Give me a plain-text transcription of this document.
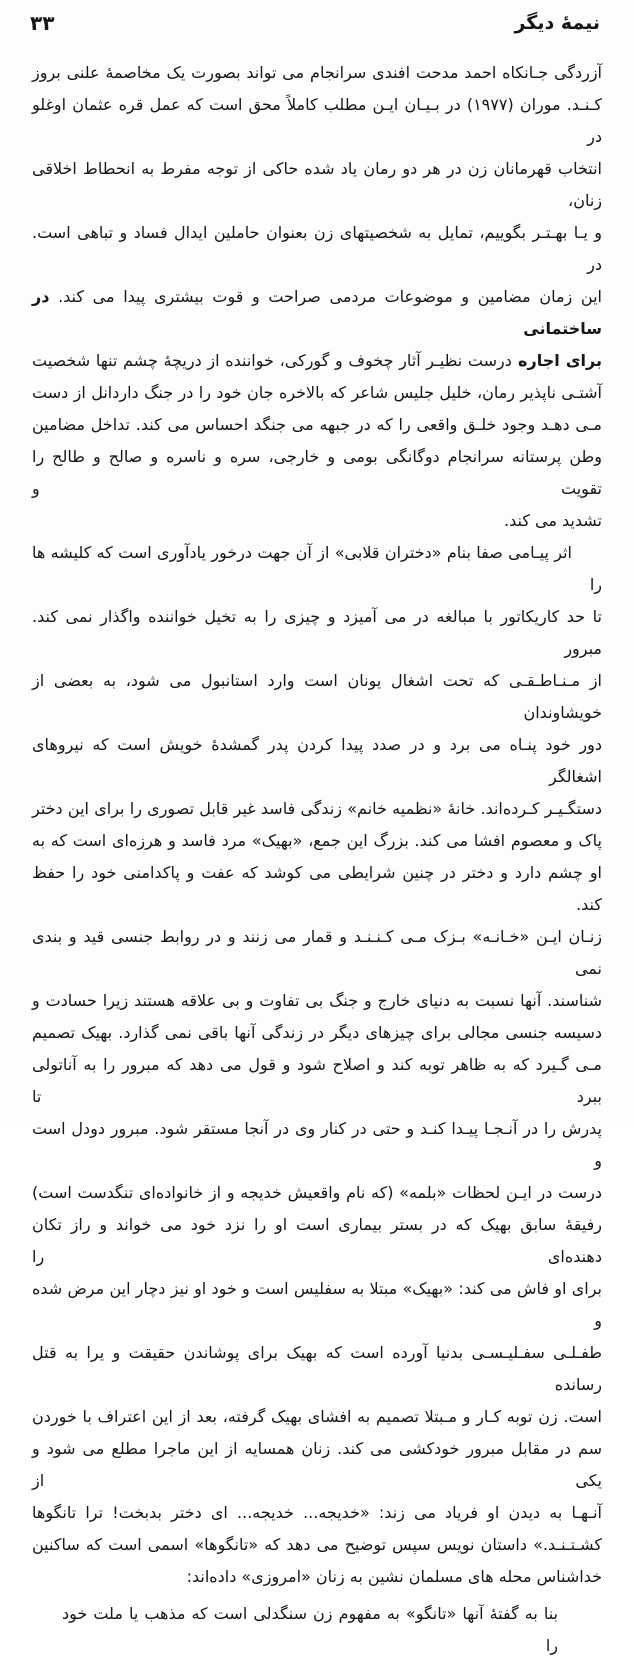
نیمۀ دیگر
۳۳
آزردگی جـانکاه احمد مدحت افندی سرانجام می تواند بصورت یک مخاصمۀ علنی بروز
کـنـد. موران (۱۹۷۷) در بـیـان ایـن مطلب کاملاً محق است که عمل قره عثمان اوغلو در
انتخاب قهرمانان زن در هر دو رمان یاد شده حاکی از توجه مفرط به انحطاط اخلاقی زنان،
و یـا بهـتـر بگوییم، تمایل به شخصیتهای زن بعنوان حاملین ایدال فساد و تباهی است. در
این زمان مضامین و موضوعات مردمی صراحت و قوت بیشتری پیدا می کند. در ساختمانی
برای اجاره درست نظیـر آثار چخوف و گورکی، خواننده از دریچۀ چشم تنها شخصیت
آشتـی ناپذیر رمان، خلیل جلیس شاعر که بالاخره جان خود را در جنگ داردانل از دست
مـی دهـد وجود خلـق واقعی را که در جبهه می جنگد احساس می کند. تداخل مضامین
وطن پرستانه سرانجام دوگانگی بومی و خارجی، سره و ناسره و صالح و طالح را تقویت و
تشدید می کند.
اثر پیـامی صفا بنام «دختران قلابی» از آن جهت درخور یادآوری است که کلیشه ها را
تا حد کاریکاتور با مبالغه در می آمیزد و چیزی را به تخیل خواننده واگذار نمی کند. مبرور
از مـنـاطـقـی که تحت اشغال یونان است وارد استانبول می شود، به بعضی از خویشاوندان
دور خود پنـاه می برد و در صدد پیدا کردن پدر گمشدۀ خویش است که نیروهای اشغالگر
دستگـیـر کـرده‌اند. خانۀ «نظمیه خانم» زندگی فاسد غیر قابل تصوری را برای این دختر
پاک و معصوم افشا می کند. بزرگ این جمع، «بهیک» مرد فاسد و هرزه‌ای است که به
او چشم دارد و دختر در چنین شرایطی می کوشد که عفت و پاکدامنی خود را حفظ کند.
زنـان ایـن «خـانـه» بـزک مـی کـنـنـد و قمار می زنند و در روابط جنسی قید و بندی نمی
شناسند. آنها نسبت به دنیای خارج و جنگ بی تفاوت و بی علاقه هستند زیرا حسادت و
دسیسه جنسی مجالی برای چیزهای دیگر در زندگی آنها باقی نمی گذارد. بهیک تصمیم
مـی گـیرد که به ظاهر توبه کند و اصلاح شود و قول می دهد که مبرور را به آناتولی ببرد تا
پدرش را در آنـجـا پیـدا کنـد و حتی در کنار وی در آنجا مستقر شود. مبرور دودل است و
درست در ایـن لحظات «بلمه» (که نام واقعیش خدیجه و از خانواده‌ای تنگدست است)
رفیقۀ سابق بهیک که در بستر بیماری است او را نزد خود می خواند و راز تکان دهنده‌ای را
برای او فاش می کند: «بهیک» مبتلا به سفلیس است و خود او نیز دچار این مرض شده و
طفـلـی سفـلیـسـی بدنیا آورده است که بهیک برای پوشاندن حقیقت و یرا به قتل رسانده
است. زن توبه کـار و مـبتلا تصمیم به افشای بهیک گرفته، بعد از این اعتراف با خوردن
سم در مقابل مبرور خودکشی می کند. زنان همسایه از این ماجرا مطلع می شود و یکی از
آنـهـا به دیدن او فریاد می زند: «خدیجه... خدیجه... ای دختر بدبخت! ترا تانگوها
کشـتـنـد.» داستان نویس سپس توضیح می دهد که «تانگوها» اسمی است که ساکنین
خداشناس محله های مسلمان نشین به زنان «امروزی» داده‌اند:
بنا به گفتۀ آنها «تانگو» به مفهوم زن سنگدلی است که مذهب یا ملت خود را
